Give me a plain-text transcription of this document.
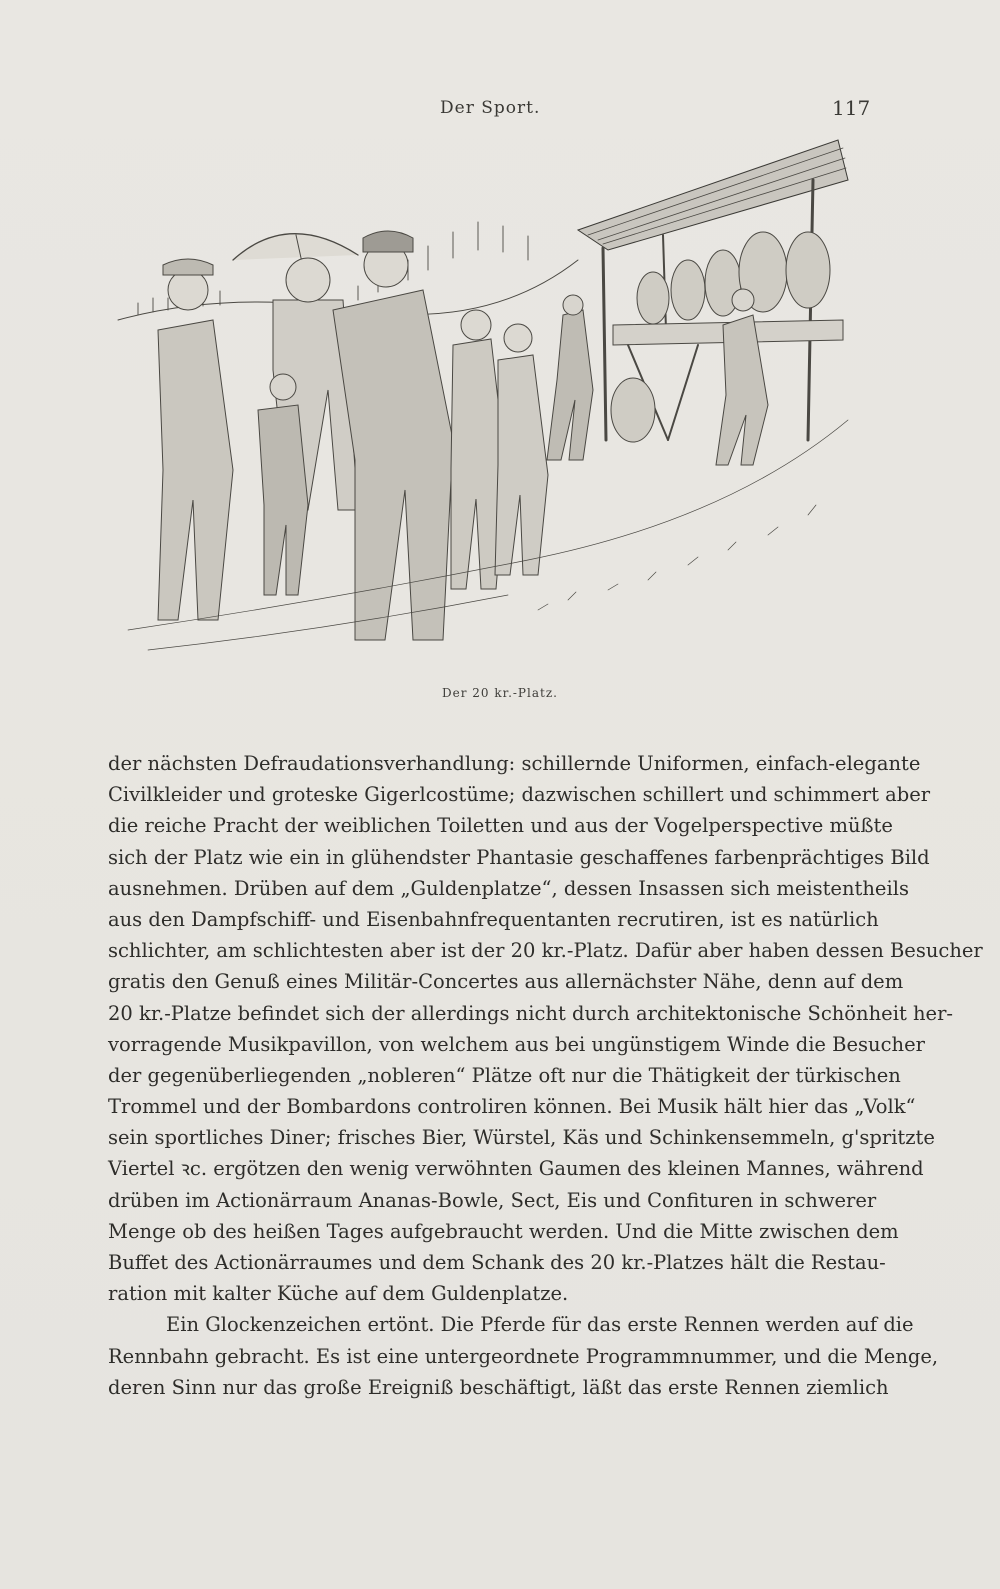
Der Sport.	117
Der 20 kr.-Platz.
der nächsten Defraudationsverhandlung: schillernde Uniformen, einfach-elegante
Civilkleider und groteske Gigerlcostüme; dazwischen schillert und schimmert aber
die reiche Pracht der weiblichen Toiletten und aus der Vogelperspective müßte
sich der Platz wie ein in glühendster Phantasie geschaffenes farbenprächtiges Bild
ausnehmen. Drüben auf dem „Guldenplatze“, dessen Insassen sich meistentheils
aus den Dampfschiff- und Eisenbahnfrequentanten recrutiren, ist es natürlich
schlichter, am schlichtesten aber ist der 20 kr.-Platz. Dafür aber haben dessen Besucher
gratis den Genuß eines Militär-Concertes aus allernächster Nähe, denn auf dem
20 kr.-Platze befindet sich der allerdings nicht durch architektonische Schönheit her-
vorragende Musikpavillon, von welchem aus bei ungünstigem Winde die Besucher
der gegenüberliegenden „nobleren“ Plätze oft nur die Thätigkeit der türkischen
Trommel und der Bombardons controliren können. Bei Musik hält hier das „Volk“
sein sportliches Diner; frisches Bier, Würstel, Käs und Schinkensemmeln, g'spritzte
Viertel ꝛc. ergötzen den wenig verwöhnten Gaumen des kleinen Mannes, während
drüben im Actionärraum Ananas-Bowle, Sect, Eis und Confituren in schwerer
Menge ob des heißen Tages aufgebraucht werden. Und die Mitte zwischen dem
Buffet des Actionärraumes und dem Schank des 20 kr.-Platzes hält die Restau-
ration mit kalter Küche auf dem Guldenplatze.
Ein Glockenzeichen ertönt. Die Pferde für das erste Rennen werden auf die
Rennbahn gebracht. Es ist eine untergeordnete Programmnummer, und die Menge,
deren Sinn nur das große Ereigniß beschäftigt, läßt das erste Rennen ziemlich
